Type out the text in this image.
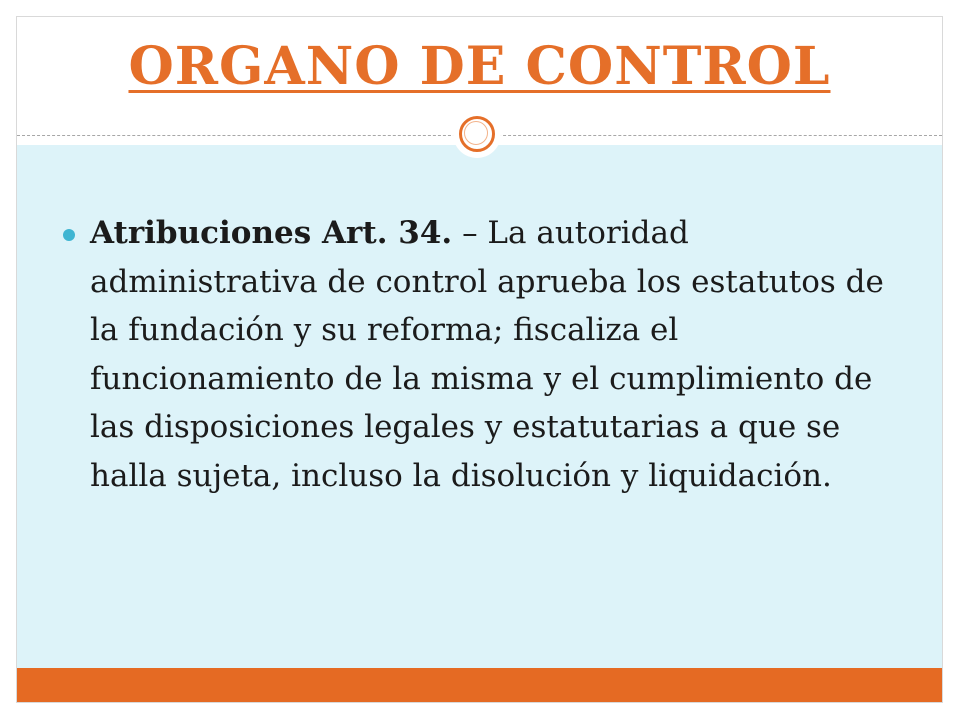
ORGANO DE CONTROL
Atribuciones Art. 34. – La autoridad administrativa de control aprueba los estatutos de la fundación y su reforma; fiscaliza el funcionamiento de la misma y el cumplimiento de las disposiciones legales y estatutarias a que se halla sujeta, incluso la disolución y liquidación.
